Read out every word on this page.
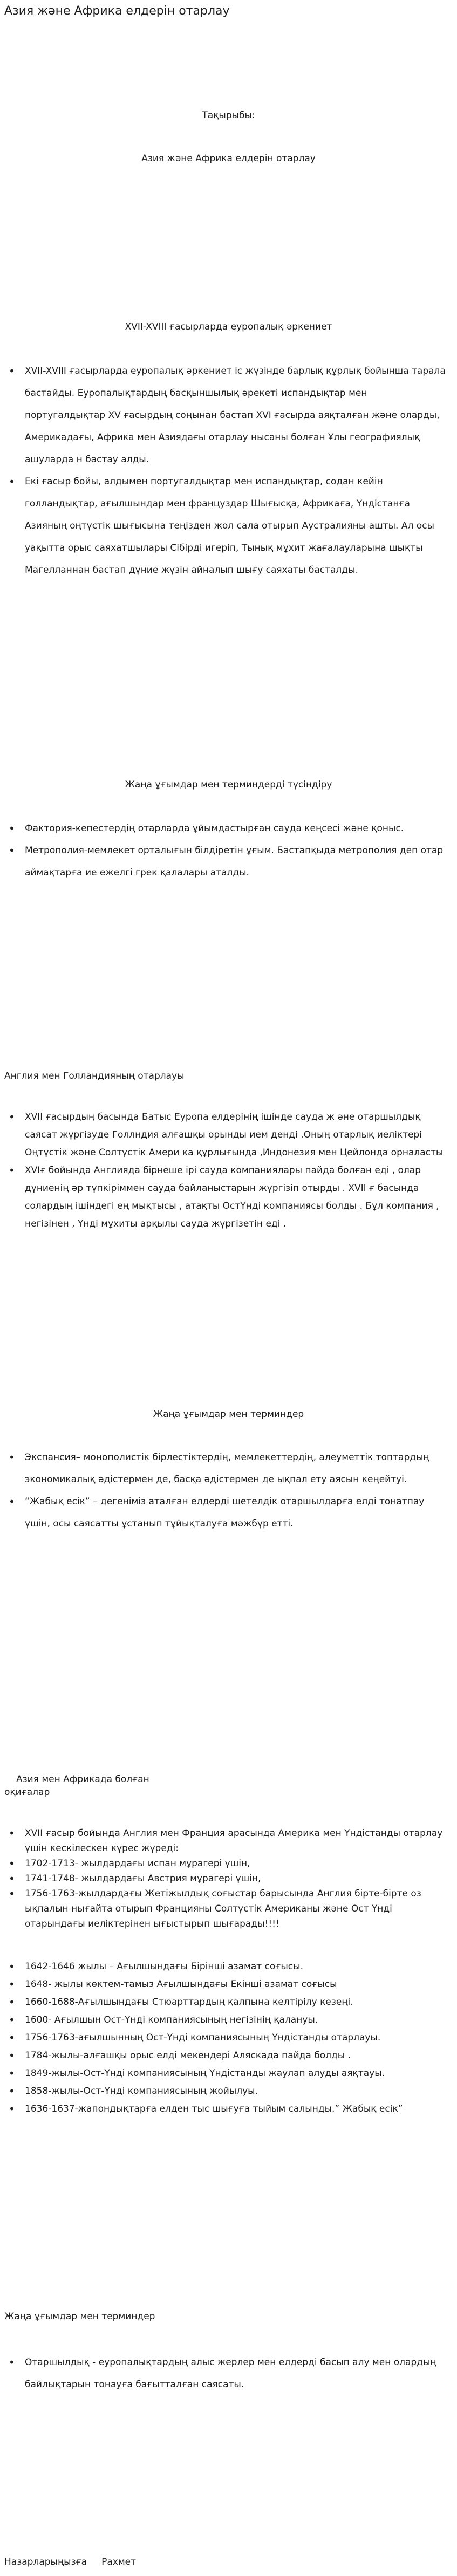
Азия және Африка елдерін отарлау
Тақырыбы:
Азия және Африка елдерін отарлау
XVII-XVIII ғасырларда еуропалық әркениет
• XVII-XVIII ғасырларда еуропалық әркениет іс жүзінде барлық құрлық бойынша тарала бастайды. Еуропалықтардың басқыншылық әрекеті испандықтар мен португалдықтар XV ғасырдың соңынан бастап XVI ғасырда аяқталған және оларды, Америкадағы, Африка мен Азиядағы отарлау нысаны болған Ұлы географиялық ашуларда н бастау алды.
• Екі ғасыр бойы, алдымен португалдықтар мен испандықтар, содан кейін голландықтар, ағылшындар мен француздар Шығысқа, Африкаға, Үндістанға Азияның оңтүстік шығысына теңізден жол сала отырып Аустралияны ашты. Ал осы уақытта орыс саяхатшылары Сібірді игеріп, Тынық мұхит жағалауларына шықты Магелланнан бастап дүние жүзін айналып шығу саяхаты басталды.
Жаңа ұғымдар мен терминдерді түсіндіру
• Фактория-кепестердің отарларда ұйымдастырған сауда кеңсесі және қоныс.
• Метрополия-мемлекет орталығын білдіретін ұғым. Бастапқыда метрополия деп отар аймақтарға ие ежелгі грек қалалары аталды.
Англия мен Голландияның отарлауы
• XVII ғасырдың басында Батыс Еуропа елдерінің ішінде сауда ж әне отаршылдық саясат жүргізуде Голлндия алғашқы орынды ием денді .Оның отарлық иеліктері Оңтүстік және Солтүстік Амери ка құрлығында ,Индонезия мен Цейлонда орналасты
• XVIғ бойында Англияда бірнеше ірі сауда компаниялары пайда болған еді , олар дүниенің әр түпкіріммен сауда байланыстарын жүргізіп отырды . XVII ғ басында солардың ішіндегі ең мықтысы , атақты ОстҮнді компаниясы болды . Бұл компания , негізінен , Үнді мұхиты арқылы сауда жүргізетін еді .
Жаңа ұғымдар мен терминдер
• Экспансия– монополистік бірлестіктердің, мемлекеттердің, алеуметтік топтардың экономикалық әдістермен де, басқа әдістермен де ықпал ету аясын кеңейтуі.
• “Жабық есік” – дегеніміз аталған елдерді шетелдік отаршылдарға елді тонатпау үшін, осы саясатты ұстанып тұйықталуға мәжбүр етті.
Азия мен Африкада болған
оқиғалар
• XVII ғасыр бойында Англия мен Франция арасында Америка мен Үндістанды отарлау үшін кескілескен күрес жүреді:
• 1702-1713- жылдардағы испан мұрагері үшін,
• 1741-1748- жылдардағы Австрия мұрагері үшін,
• 1756-1763-жылдардағы Жетіжылдық соғыстар барысында Англия бірте-бірте оз ықпалын нығайта отырып Францияны Солтүстік Американы және Ост Үнді отарындағы иеліктерінен ығыстырып шығарады!!!!
• 1642-1646 жылы – Ағылшындағы Бірінші азамат соғысы.
• 1648- жылы көктем-тамыз Ағылшындағы Екінші азамат соғысы
• 1660-1688-Ағылшындағы Стюарттардың қалпына келтірілу кезеңі.
• 1600- Ағылшын Ост-Үнді компаниясының негізінің қалануы.
• 1756-1763-ағылшынның Ост-Үнді компаниясының Үндістанды отарлауы.
• 1784-жылы-алғашқы орыс елді мекендері Аляскада пайда болды .
• 1849-жылы-Ост-Үнді компаниясының Үндістанды жаулап алуды аяқтауы.
• 1858-жылы-Ост-Үнді компаниясының жойылуы.
• 1636-1637-жапондықтарға елден тыс шығуға тыйым салынды.” Жабық есік”
Жаңа ұғымдар мен терминдер
• Отаршылдық - еуропалықтардың алыс жерлер мен елдерді басып алу мен олардың байлықтарын тонауға бағытталған саясаты.
Назарларыңызға     Рахмет
